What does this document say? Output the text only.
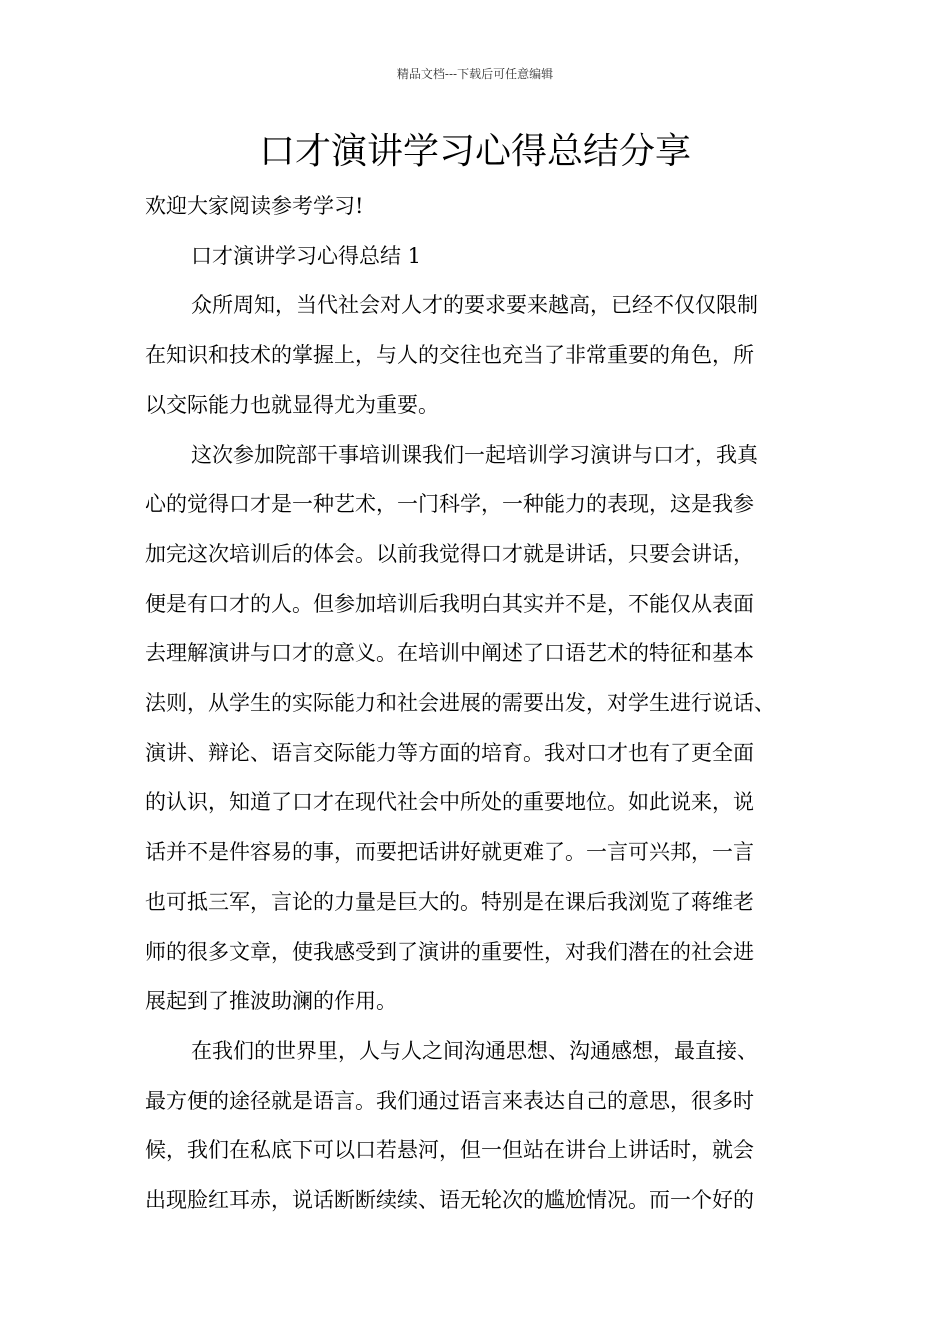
精品文档---下载后可任意编辑
口才演讲学习心得总结分享

欢迎大家阅读参考学习!

口才演讲学习心得总结 1

众所周知，当代社会对人才的要求要来越高，已经不仅仅限制

在知识和技术的掌握上，与人的交往也充当了非常重要的角色，所

以交际能力也就显得尤为重要。

这次参加院部干事培训课我们一起培训学习演讲与口才，我真

心的觉得口才是一种艺术，一门科学，一种能力的表现，这是我参

加完这次培训后的体会。以前我觉得口才就是讲话，只要会讲话，

便是有口才的人。但参加培训后我明白其实并不是，不能仅从表面

去理解演讲与口才的意义。在培训中阐述了口语艺术的特征和基本

法则，从学生的实际能力和社会进展的需要出发，对学生进行说话、

演讲、辩论、语言交际能力等方面的培育。我对口才也有了更全面

的认识，知道了口才在现代社会中所处的重要地位。如此说来，说

话并不是件容易的事，而要把话讲好就更难了。一言可兴邦，一言

也可抵三军，言论的力量是巨大的。特别是在课后我浏览了蒋维老

师的很多文章，使我感受到了演讲的重要性，对我们潜在的社会进

展起到了推波助澜的作用。

在我们的世界里，人与人之间沟通思想、沟通感想，最直接、

最方便的途径就是语言。我们通过语言来表达自己的意思，很多时

候，我们在私底下可以口若悬河，但一但站在讲台上讲话时，就会

出现脸红耳赤，说话断断续续、语无轮次的尴尬情况。而一个好的
